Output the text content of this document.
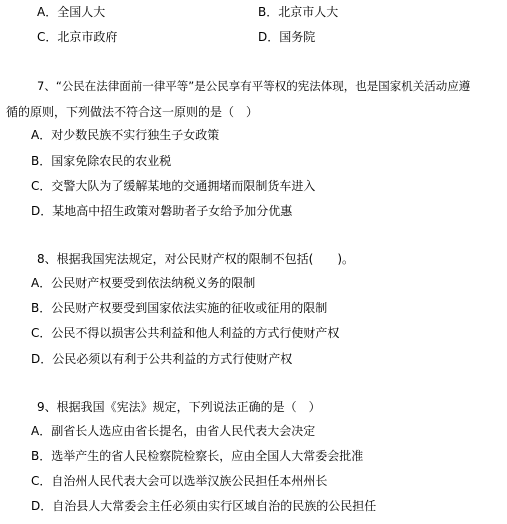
A．全国人大	B．北京市人大
C．北京市政府	D．国务院
7、“公民在法律面前一律平等”是公民享有平等权的宪法体现，也是国家机关活动应遵
循的原则，下列做法不符合这一原则的是（　）
A．对少数民族不实行独生子女政策
B．国家免除农民的农业税
C．交警大队为了缓解某地的交通拥堵而限制货车进入
D．某地高中招生政策对磐助者子女给予加分优惠
8、根据我国宪法规定，对公民财产权的限制不包括(　　)。
A．公民财产权要受到依法纳税义务的限制
B．公民财产权要受到国家依法实施的征收或征用的限制
C．公民不得以损害公共利益和他人利益的方式行使财产权
D．公民必须以有利于公共利益的方式行使财产权
9、根据我国《宪法》规定，下列说法正确的是（　）
A．副省长人选应由省长提名，由省人民代表大会决定
B．选举产生的省人民检察院检察长，应由全国人大常委会批准
C．自治州人民代表大会可以选举汉族公民担任本州州长
D．自治县人大常委会主任必须由实行区域自治的民族的公民担任
